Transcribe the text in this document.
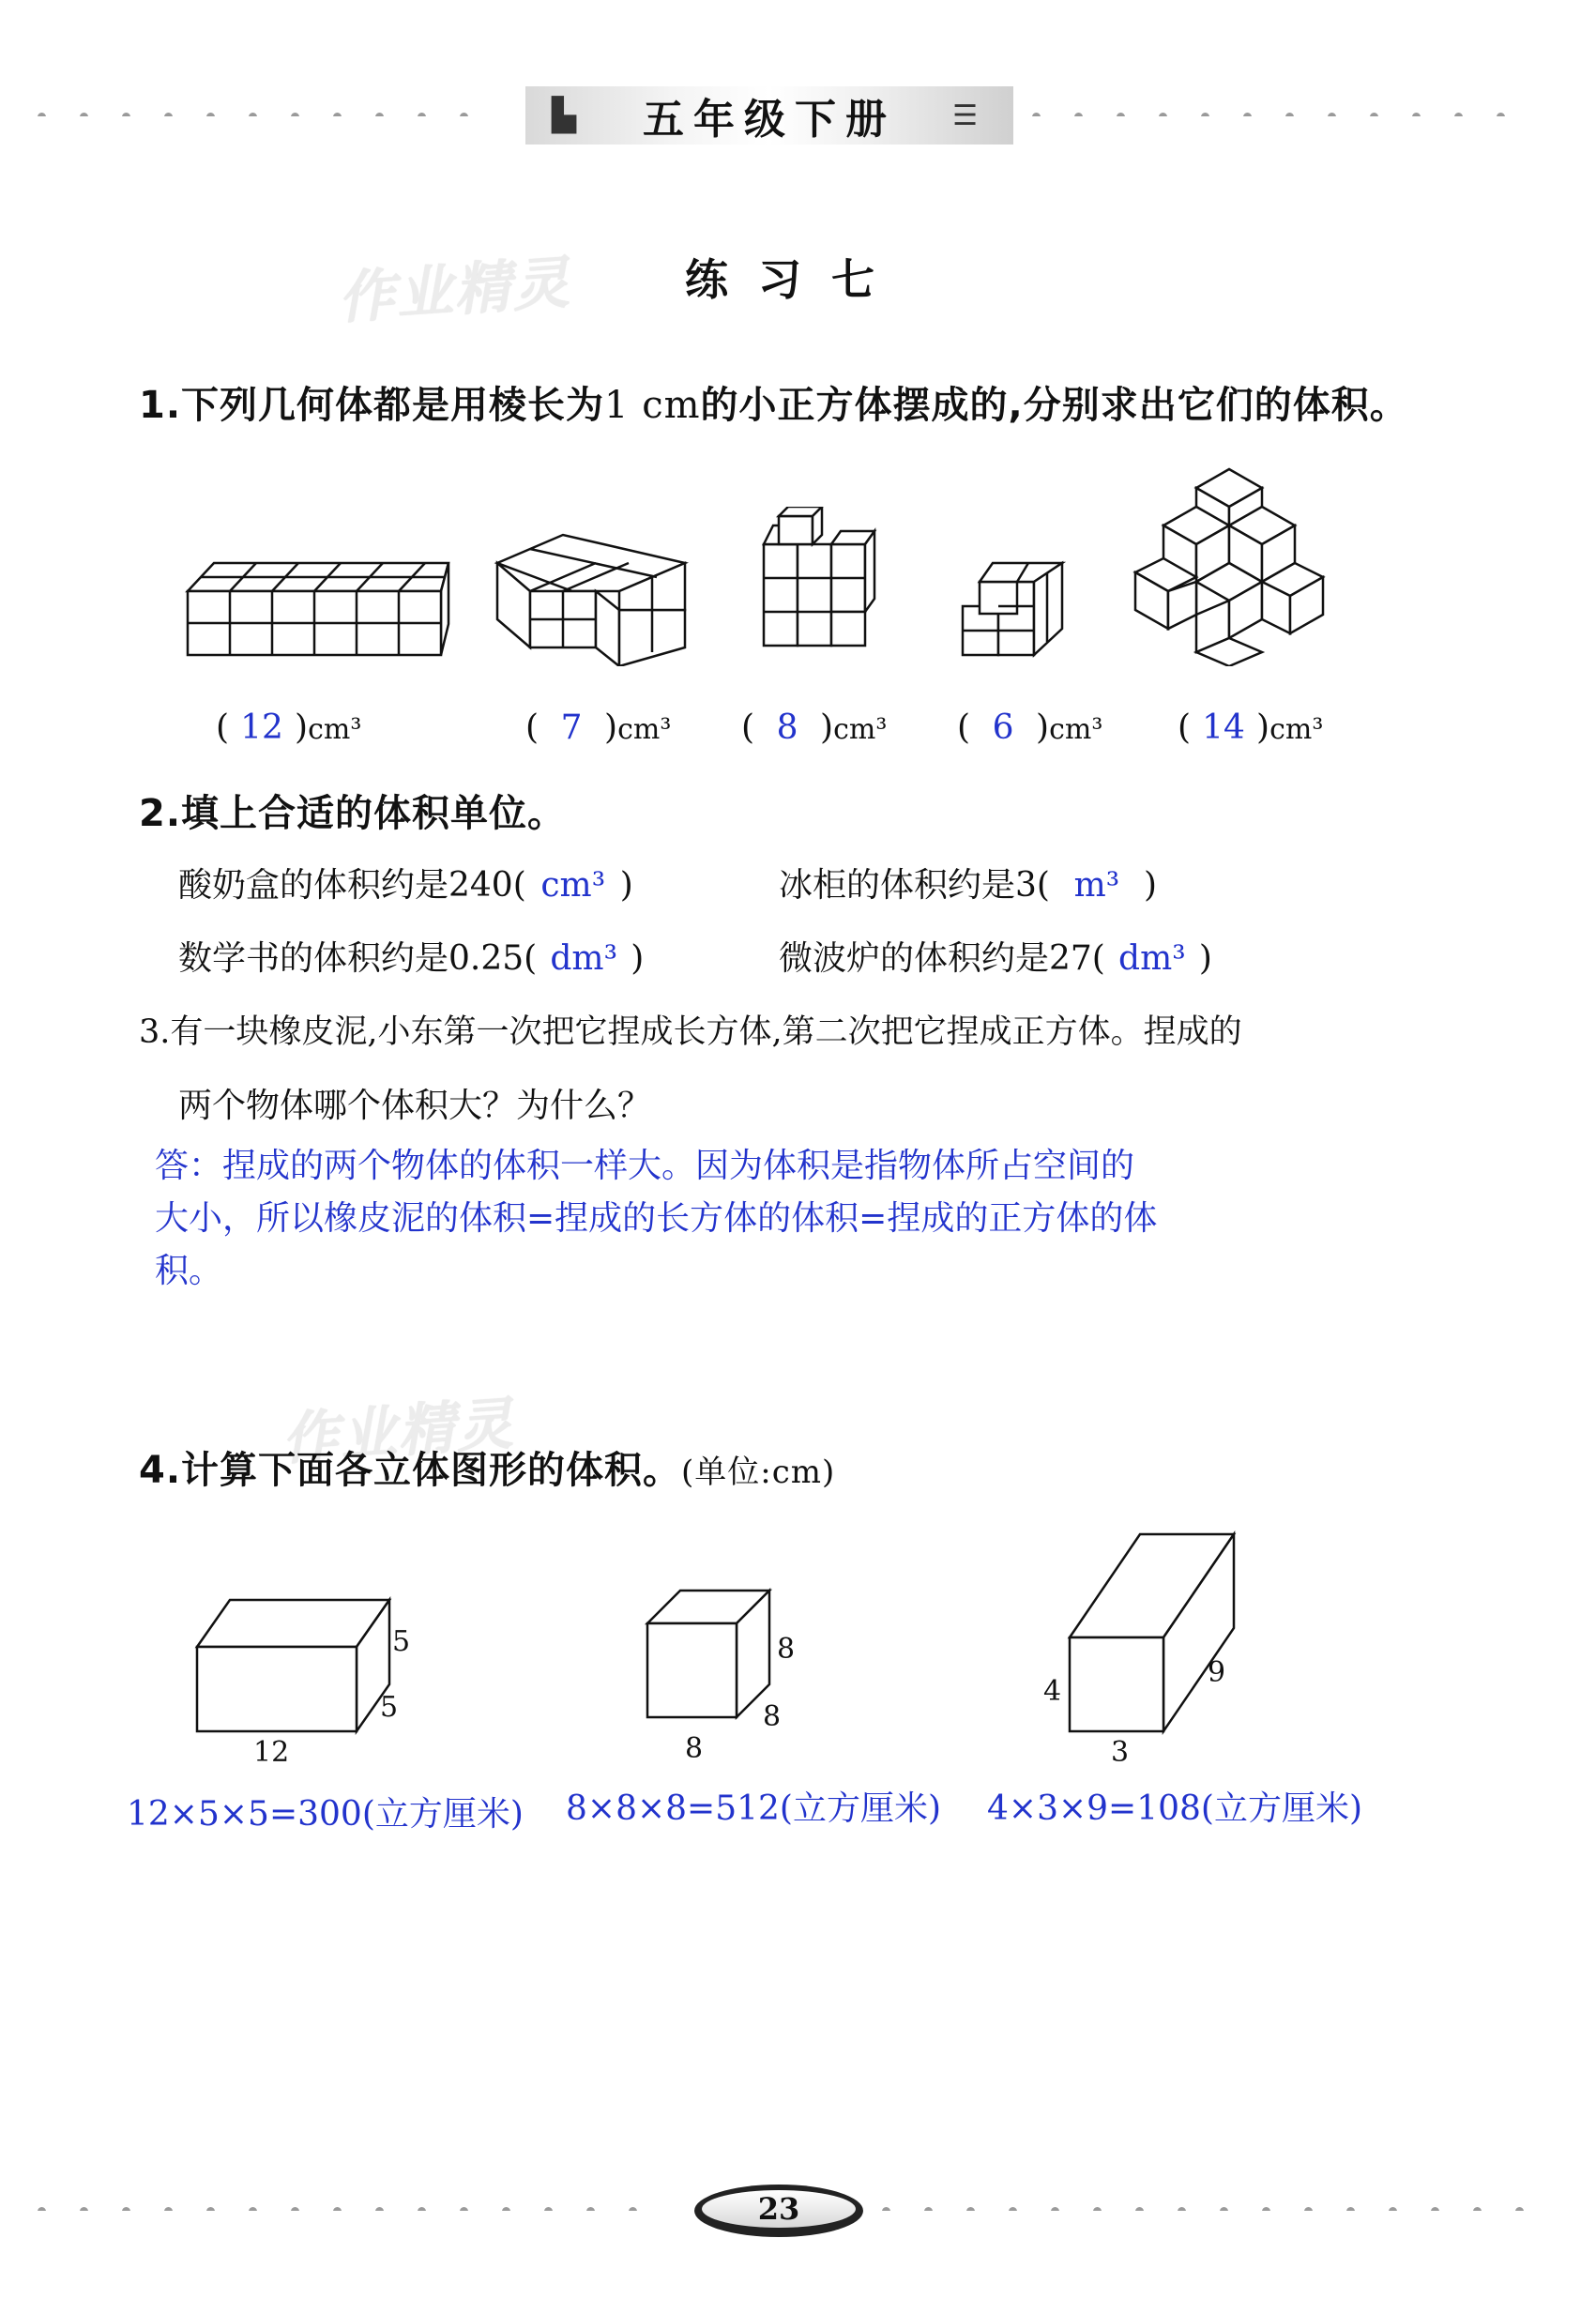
▙ 五年级下册 ☰
作业精灵	练习七
1.下列几何体都是用棱长为1 cm的小正方体摆成的,分别求出它们的体积。
( 12 )cm³	( 7 )cm³ ( 8 )cm³ ( 6 )cm³ ( 14 )cm³
2.填上合适的体积单位。
酸奶盒的体积约是240( cm³ )	冰柜的体积约是3( m³ )
数学书的体积约是0.25( dm³ )	微波炉的体积约是27( dm³ )
3.有一块橡皮泥,小东第一次把它捏成长方体,第二次把它捏成正方体。捏成的
两个物体哪个体积大？为什么？
答：捏成的两个物体的体积一样大。因为体积是指物体所占空间的
大小，所以橡皮泥的体积=捏成的长方体的体积=捏成的正方体的体
积。
作业精灵
4.计算下面各立体图形的体积。(单位:cm)
5
5
12
12×5×5=300(立方厘米)
8
8
8
8×8×8=512(立方厘米)
4
9
3
4×3×9=108(立方厘米)
23
